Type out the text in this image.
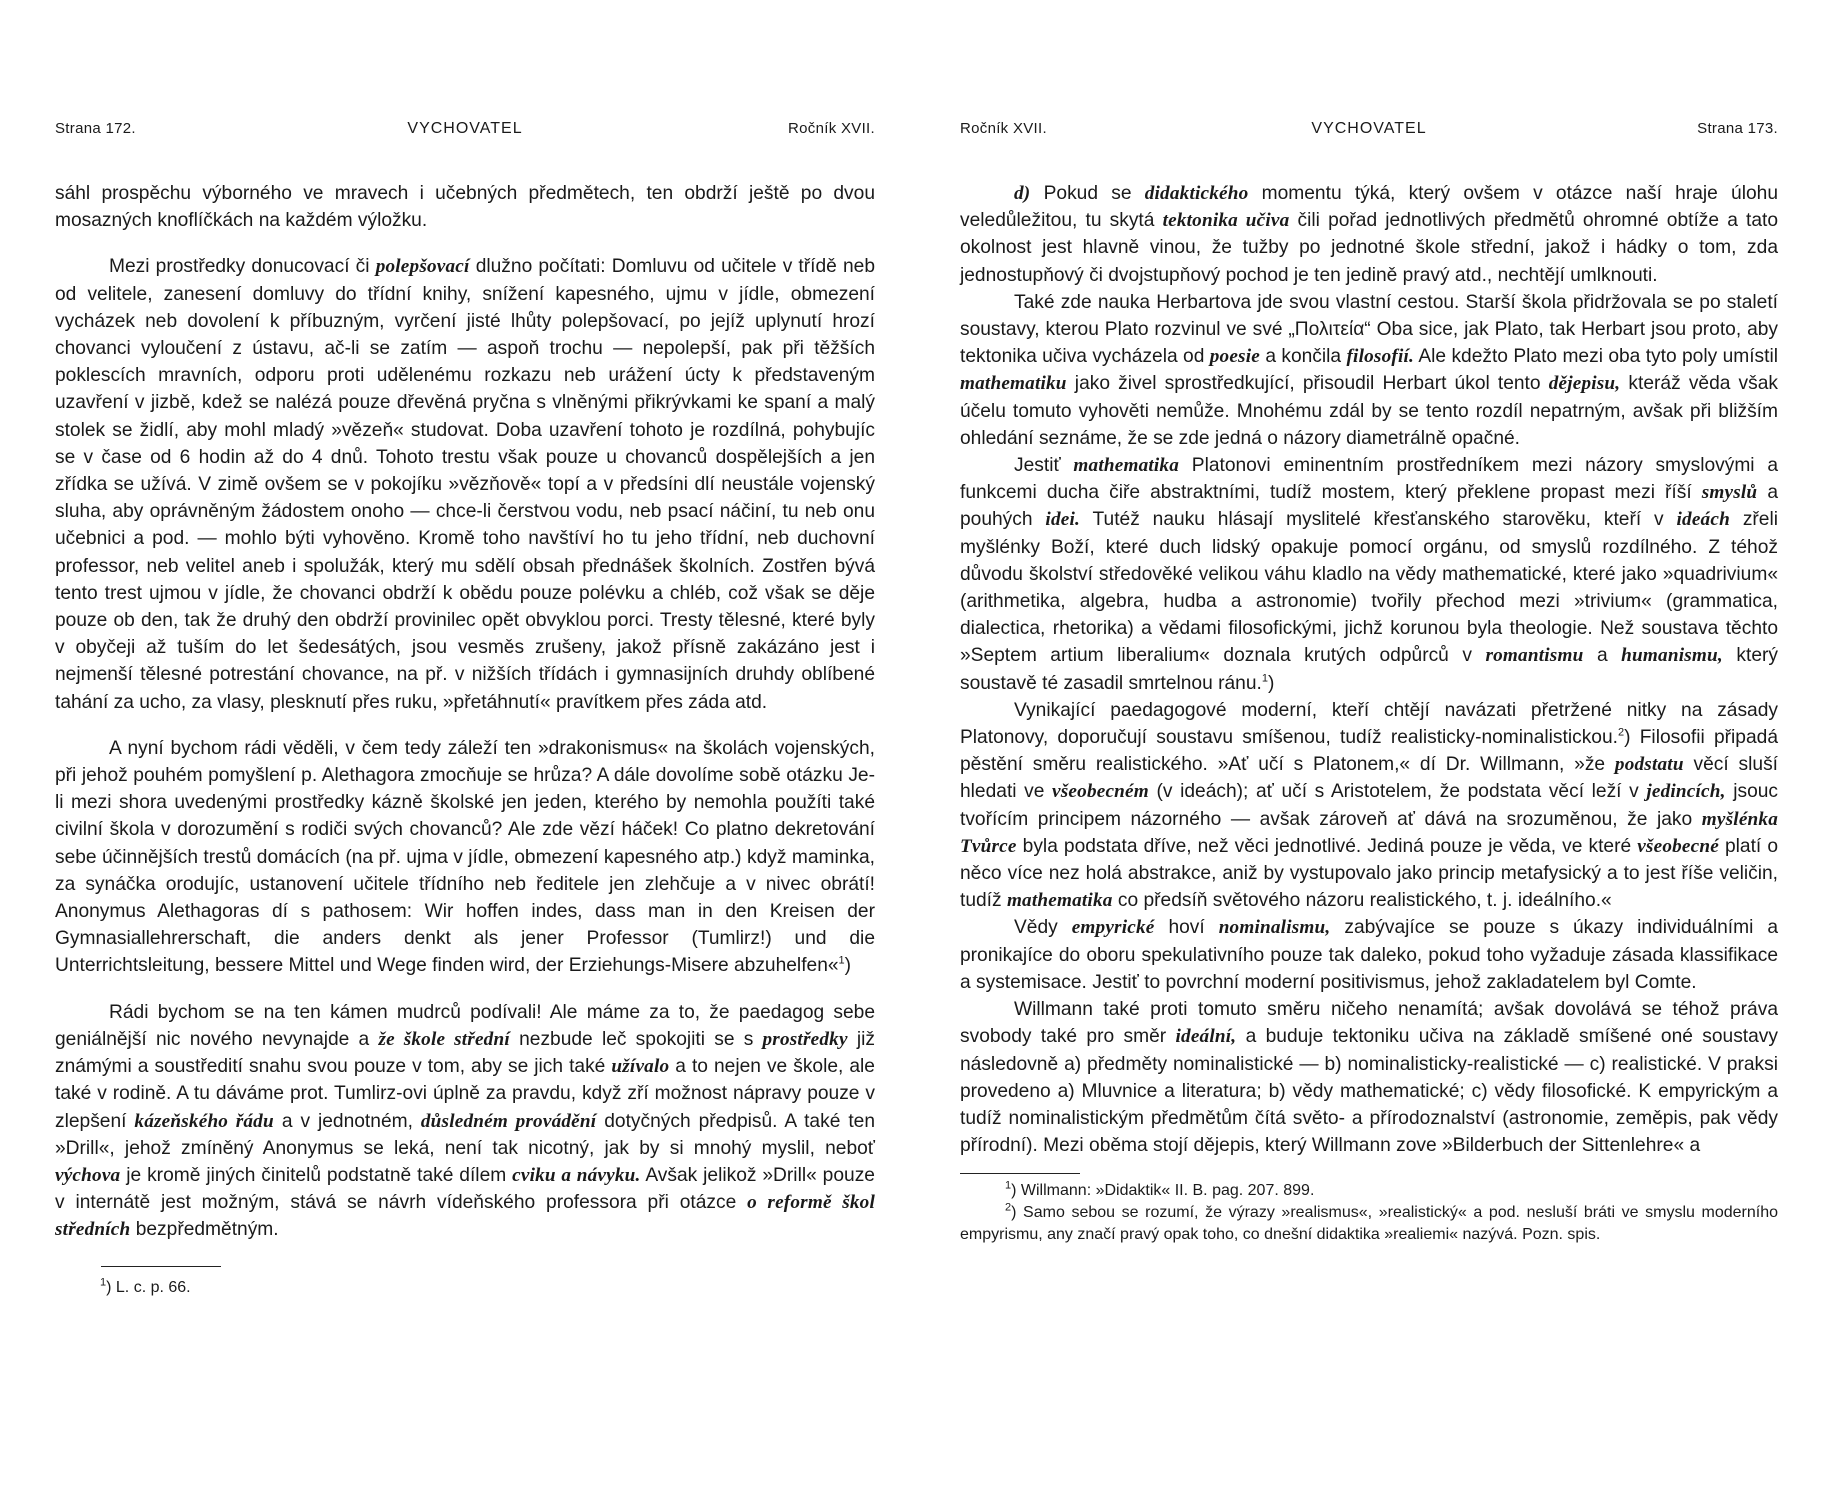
Strana 172.	VYCHOVATEL	Ročník XVII.

sáhl prospěchu výborného ve mravech i učebných předmětech, ten obdrží ještě po dvou mosazných knoflíčkách na každém výložku.

Mezi prostředky donucovací či polepšovací dlužno počítati: Domluvu od učitele v třídě neb od velitele, zanesení domluvy do třídní knihy, snížení kapesného, ujmu v jídle, obmezení vycházek neb dovolení k příbuzným, vyrčení jisté lhůty polepšovací, po jejíž uplynutí hrozí chovanci vyloučení z ústavu, ač-li se zatím — aspoň trochu — nepolepší, pak při těžších poklescích mravních, odporu proti udělenému rozkazu neb urážení úcty k představeným uzavření v jizbě, kdež se nalézá pouze dřevěná pryčna s vlněnými přikrývkami ke spaní a malý stolek se židlí, aby mohl mladý »vězeň« studovat. Doba uzavření tohoto je rozdílná, pohybujíc se v čase od 6 hodin až do 4 dnů. Tohoto trestu však pouze u chovanců dospělejších a jen zřídka se užívá. V zimě ovšem se v pokojíku »vězňově« topí a v předsíni dlí neustále vojenský sluha, aby oprávněným žádostem onoho — chce-li čerstvou vodu, neb psací náčiní, tu neb onu učebnici a pod. — mohlo býti vyhověno. Kromě toho navštíví ho tu jeho třídní, neb duchovní professor, neb velitel aneb i spolužák, který mu sdělí obsah přednášek školních. Zostřen bývá tento trest ujmou v jídle, že chovanci obdrží k obědu pouze polévku a chléb, což však se děje pouze ob den, tak že druhý den obdrží provinilec opět obvyklou porci. Tresty tělesné, které byly v obyčeji až tuším do let šedesátých, jsou vesměs zrušeny, jakož přísně zakázáno jest i nejmenší tělesné potrestání chovance, na př. v nižších třídách i gymnasijních druhdy oblíbené tahání za ucho, za vlasy, plesknutí přes ruku, »přetáhnutí« pravítkem přes záda atd.

A nyní bychom rádi věděli, v čem tedy záleží ten »drakonismus« na školách vojenských, při jehož pouhém pomyšlení p. Alethagora zmocňuje se hrůza? A dále dovolíme sobě otázku Je-li mezi shora uvedenými prostředky kázně školské jen jeden, kterého by nemohla použíti také civilní škola v dorozumění s rodiči svých chovanců? Ale zde vězí háček! Co platno dekretování sebe účinnějších trestů domácích (na př. ujma v jídle, obmezení kapesného atp.) když maminka, za synáčka orodujíc, ustanovení učitele třídního neb ředitele jen zlehčuje a v nivec obrátí! Anonymus Alethagoras dí s pathosem: Wir hoffen indes, dass man in den Kreisen der Gymnasiallehrerschaft, die anders denkt als jener Professor (Tumlirz!) und die Unterrichtsleitung, bessere Mittel und Wege finden wird, der Erziehungs-Misere abzuhelfen«$^1$)

Rádi bychom se na ten kámen mudrců podívali! Ale máme za to, že paedagog sebe geniálnější nic nového nevynajde a že škole střední nezbude leč spokojiti se s prostředky již známými a soustředití snahu svou pouze v tom, aby se jich také užívalo a to nejen ve škole, ale také v rodině. A tu dáváme prot. Tumlirz-ovi úplně za pravdu, když zří možnost nápravy pouze v zlepšení kázeňského řádu a v jednotném, důsledném provádění dotyčných předpisů. A také ten »Drill«, jehož zmíněný Anonymus se leká, není tak nicotný, jak by si mnohý myslil, neboť výchova je kromě jiných činitelů podstatně také dílem cviku a návyku. Avšak jelikož »Drill« pouze v internátě jest možným, stává se návrh vídeňského professora při otázce o reformě škol středních bezpředmětným.

$^1$) L. c. p. 66.

Ročník XVII.	VYCHOVATEL	Strana 173.

d) Pokud se didaktického momentu týká, který ovšem v otázce naší hraje úlohu veledůležitou, tu skytá tektonika učiva čili pořad jednotlivých předmětů ohromné obtíže a tato okolnost jest hlavně vinou, že tužby po jednotné škole střední, jakož i hádky o tom, zda jednostupňový či dvojstupňový pochod je ten jedině pravý atd., nechtějí umlknouti.

Také zde nauka Herbartova jde svou vlastní cestou. Starší škola přidržovala se po staletí soustavy, kterou Plato rozvinul ve své „Πολιτεία“ Oba sice, jak Plato, tak Herbart jsou proto, aby tektonika učiva vycházela od poesie a končila filosofií. Ale kdežto Plato mezi oba tyto poly umístil mathematiku jako živel sprostředkující, přisoudil Herbart úkol tento dějepisu, kteráž věda však účelu tomuto vyhověti nemůže. Mnohému zdál by se tento rozdíl nepatrným, avšak při bližším ohledání seznáme, že se zde jedná o názory diametrálně opačné.

Jestiť mathematika Platonovi eminentním prostředníkem mezi názory smyslovými a funkcemi ducha čiře abstraktními, tudíž mostem, který překlene propast mezi říší smyslů a pouhých idei. Tutéž nauku hlásají myslitelé křesťanského starověku, kteří v ideách zřeli myšlénky Boží, které duch lidský opakuje pomocí orgánu, od smyslů rozdílného. Z téhož důvodu školství středověké velikou váhu kladlo na vědy mathematické, které jako »quadrivium« (arithmetika, algebra, hudba a astronomie) tvořily přechod mezi »trivium« (grammatica, dialectica, rhetorika) a vědami filosofickými, jichž korunou byla theologie. Než soustava těchto »Septem artium liberalium« doznala krutých odpůrců v romantismu a humanismu, který soustavě té zasadil smrtelnou ránu.$^1$)

Vynikající paedagogové moderní, kteří chtějí navázati přetržené nitky na zásady Platonovy, doporučují soustavu smíšenou, tudíž realisticky-nominalistickou.$^2$) Filosofii připadá pěstění směru realistického. »Ať učí s Platonem,« dí Dr. Willmann, »že podstatu věcí sluší hledati ve všeobecném (v ideách); ať učí s Aristotelem, že podstata věcí leží v jedincích, jsouc tvořícím principem názorného — avšak zároveň ať dává na srozuměnou, že jako myšlénka Tvůrce byla podstata dříve, než věci jednotlivé. Jediná pouze je věda, ve které všeobecné platí o něco více nez holá abstrakce, aniž by vystupovalo jako princip metafysický a to jest říše veličin, tudíž mathematika co předsíň světového názoru realistického, t. j. ideálního.«

Vědy empyrické hoví nominalismu, zabývajíce se pouze s úkazy individuálními a pronikajíce do oboru spekulativního pouze tak daleko, pokud toho vyžaduje zásada klassifikace a systemisace. Jestiť to povrchní moderní positivismus, jehož zakladatelem byl Comte.

Willmann také proti tomuto směru ničeho nenamítá; avšak dovolává se téhož práva svobody také pro směr ideální, a buduje tektoniku učiva na základě smíšené oné soustavy následovně a) předměty nominalistické — b) nominalisticky-realistické — c) realistické. V praksi provedeno a) Mluvnice a literatura; b) vědy mathematické; c) vědy filosofické. K empyrickým a tudíž nominalistickým předmětům čítá světo- a přírodoznalství (astronomie, zeměpis, pak vědy přírodní). Mezi oběma stojí dějepis, který Willmann zove »Bilderbuch der Sittenlehre« a

$^1$) Willmann: »Didaktik« II. B. pag. 207. 899.

$^2$) Samo sebou se rozumí, že výrazy »realismus«, »realistický« a pod. nesluší bráti ve smyslu moderního empyrismu, any značí pravý opak toho, co dnešní didaktika »realiemi« nazývá. Pozn. spis.
